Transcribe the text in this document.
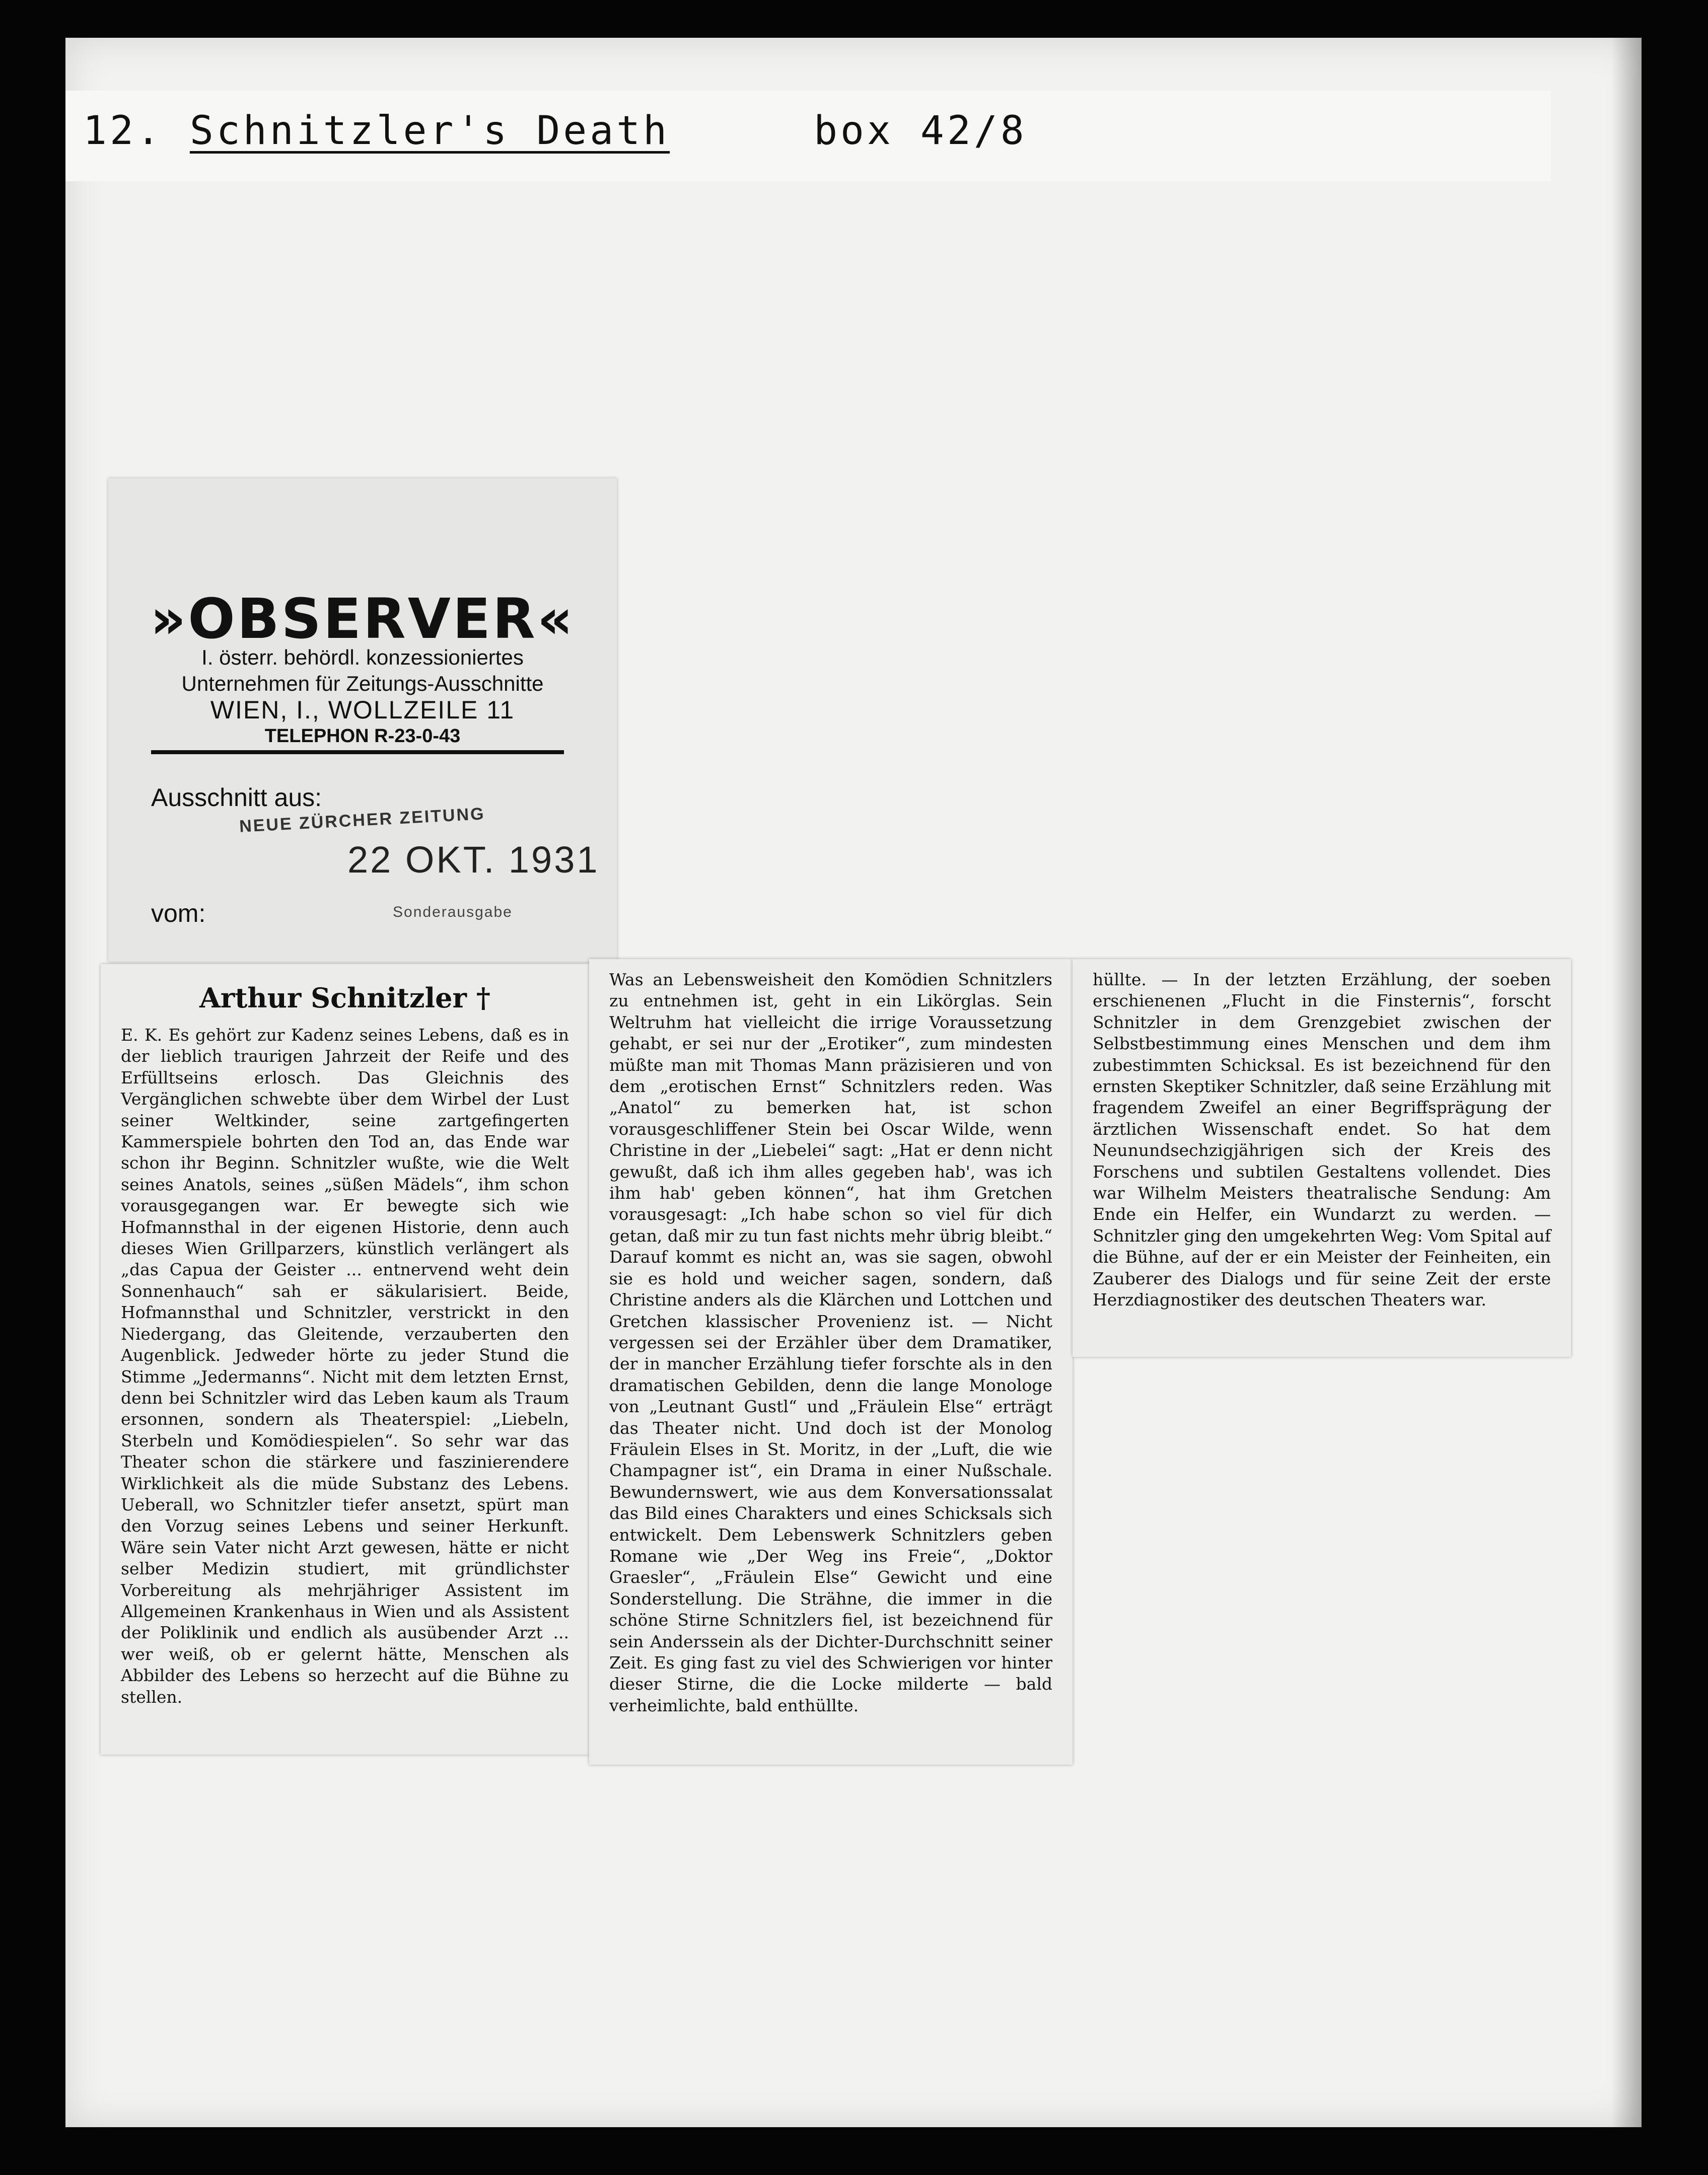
12. Schnitzler's Death	box 42/8
»OBSERVER«
I. österr. behördl. konzessioniertes
Unternehmen für Zeitungs-Ausschnitte
WIEN, I., WOLLZEILE 11
TELEPHON R-23-0-43
Ausschnitt aus:
NEUE ZÜRCHER ZEITUNG
22 OKT. 1931
vom:	Sonderausgabe
Arthur Schnitzler †

E. K. Es gehört zur Kadenz seines Lebens, daß es in der lieblich traurigen Jahrzeit der Reife und des Erfülltseins erlosch. Das Gleichnis des Vergänglichen schwebte über dem Wirbel der Lust seiner Weltkinder, seine zartgefingerten Kammerspiele bohrten den Tod an, das Ende war schon ihr Beginn. Schnitzler wußte, wie die Welt seines Anatols, seines „süßen Mädels“, ihm schon vorausgegangen war. Er bewegte sich wie Hofmannsthal in der eigenen Historie, denn auch dieses Wien Grillparzers, künstlich verlängert als „das Capua der Geister ... entnervend weht dein Sonnenhauch“ sah er säkularisiert. Beide, Hofmannsthal und Schnitzler, verstrickt in den Niedergang, das Gleitende, verzauberten den Augenblick. Jedweder hörte zu jeder Stund die Stimme „Jedermanns“. Nicht mit dem letzten Ernst, denn bei Schnitzler wird das Leben kaum als Traum ersonnen, sondern als Theaterspiel: „Liebeln, Sterbeln und Komödiespielen“. So sehr war das Theater schon die stärkere und faszinierendere Wirklichkeit als die müde Substanz des Lebens. Ueberall, wo Schnitzler tiefer ansetzt, spürt man den Vorzug seines Lebens und seiner Herkunft. Wäre sein Vater nicht Arzt gewesen, hätte er nicht selber Medizin studiert, mit gründlichster Vorbereitung als mehrjähriger Assistent im Allgemeinen Krankenhaus in Wien und als Assistent der Poliklinik und endlich als ausübender Arzt ... wer weiß, ob er gelernt hätte, Menschen als Abbilder des Lebens so herzecht auf die Bühne zu stellen.

Was an Lebensweisheit den Komödien Schnitzlers zu entnehmen ist, geht in ein Likörglas. Sein Weltruhm hat vielleicht die irrige Voraussetzung gehabt, er sei nur der „Erotiker“, zum mindesten müßte man mit Thomas Mann präzisieren und von dem „erotischen Ernst“ Schnitzlers reden. Was „Anatol“ zu bemerken hat, ist schon vorausgeschliffener Stein bei Oscar Wilde, wenn Christine in der „Liebelei“ sagt: „Hat er denn nicht gewußt, daß ich ihm alles gegeben hab', was ich ihm hab' geben können“, hat ihm Gretchen vorausgesagt: „Ich habe schon so viel für dich getan, daß mir zu tun fast nichts mehr übrig bleibt.“ Darauf kommt es nicht an, was sie sagen, obwohl sie es hold und weicher sagen, sondern, daß Christine anders als die Klärchen und Lottchen und Gretchen klassischer Provenienz ist. — Nicht vergessen sei der Erzähler über dem Dramatiker, der in mancher Erzählung tiefer forschte als in den dramatischen Gebilden, denn die lange Monologe von „Leutnant Gustl“ und „Fräulein Else“ erträgt das Theater nicht. Und doch ist der Monolog Fräulein Elses in St. Moritz, in der „Luft, die wie Champagner ist“, ein Drama in einer Nußschale. Bewundernswert, wie aus dem Konversationssalat das Bild eines Charakters und eines Schicksals sich entwickelt. Dem Lebenswerk Schnitzlers geben Romane wie „Der Weg ins Freie“, „Doktor Graesler“, „Fräulein Else“ Gewicht und eine Sonderstellung. Die Strähne, die immer in die schöne Stirne Schnitzlers fiel, ist bezeichnend für sein Anderssein als der Dichter-Durchschnitt seiner Zeit. Es ging fast zu viel des Schwierigen vor hinter dieser Stirne, die die Locke milderte — bald verheimlichte, bald enthüllte.

hüllte. — In der letzten Erzählung, der soeben erschienenen „Flucht in die Finsternis“, forscht Schnitzler in dem Grenzgebiet zwischen der Selbstbestimmung eines Menschen und dem ihm zubestimmten Schicksal. Es ist bezeichnend für den ernsten Skeptiker Schnitzler, daß seine Erzählung mit fragendem Zweifel an einer Begriffsprägung der ärztlichen Wissenschaft endet. So hat dem Neunundsechzigjährigen sich der Kreis des Forschens und subtilen Gestaltens vollendet. Dies war Wilhelm Meisters theatralische Sendung: Am Ende ein Helfer, ein Wundarzt zu werden. — Schnitzler ging den umgekehrten Weg: Vom Spital auf die Bühne, auf der er ein Meister der Feinheiten, ein Zauberer des Dialogs und für seine Zeit der erste Herzdiagnostiker des deutschen Theaters war.
